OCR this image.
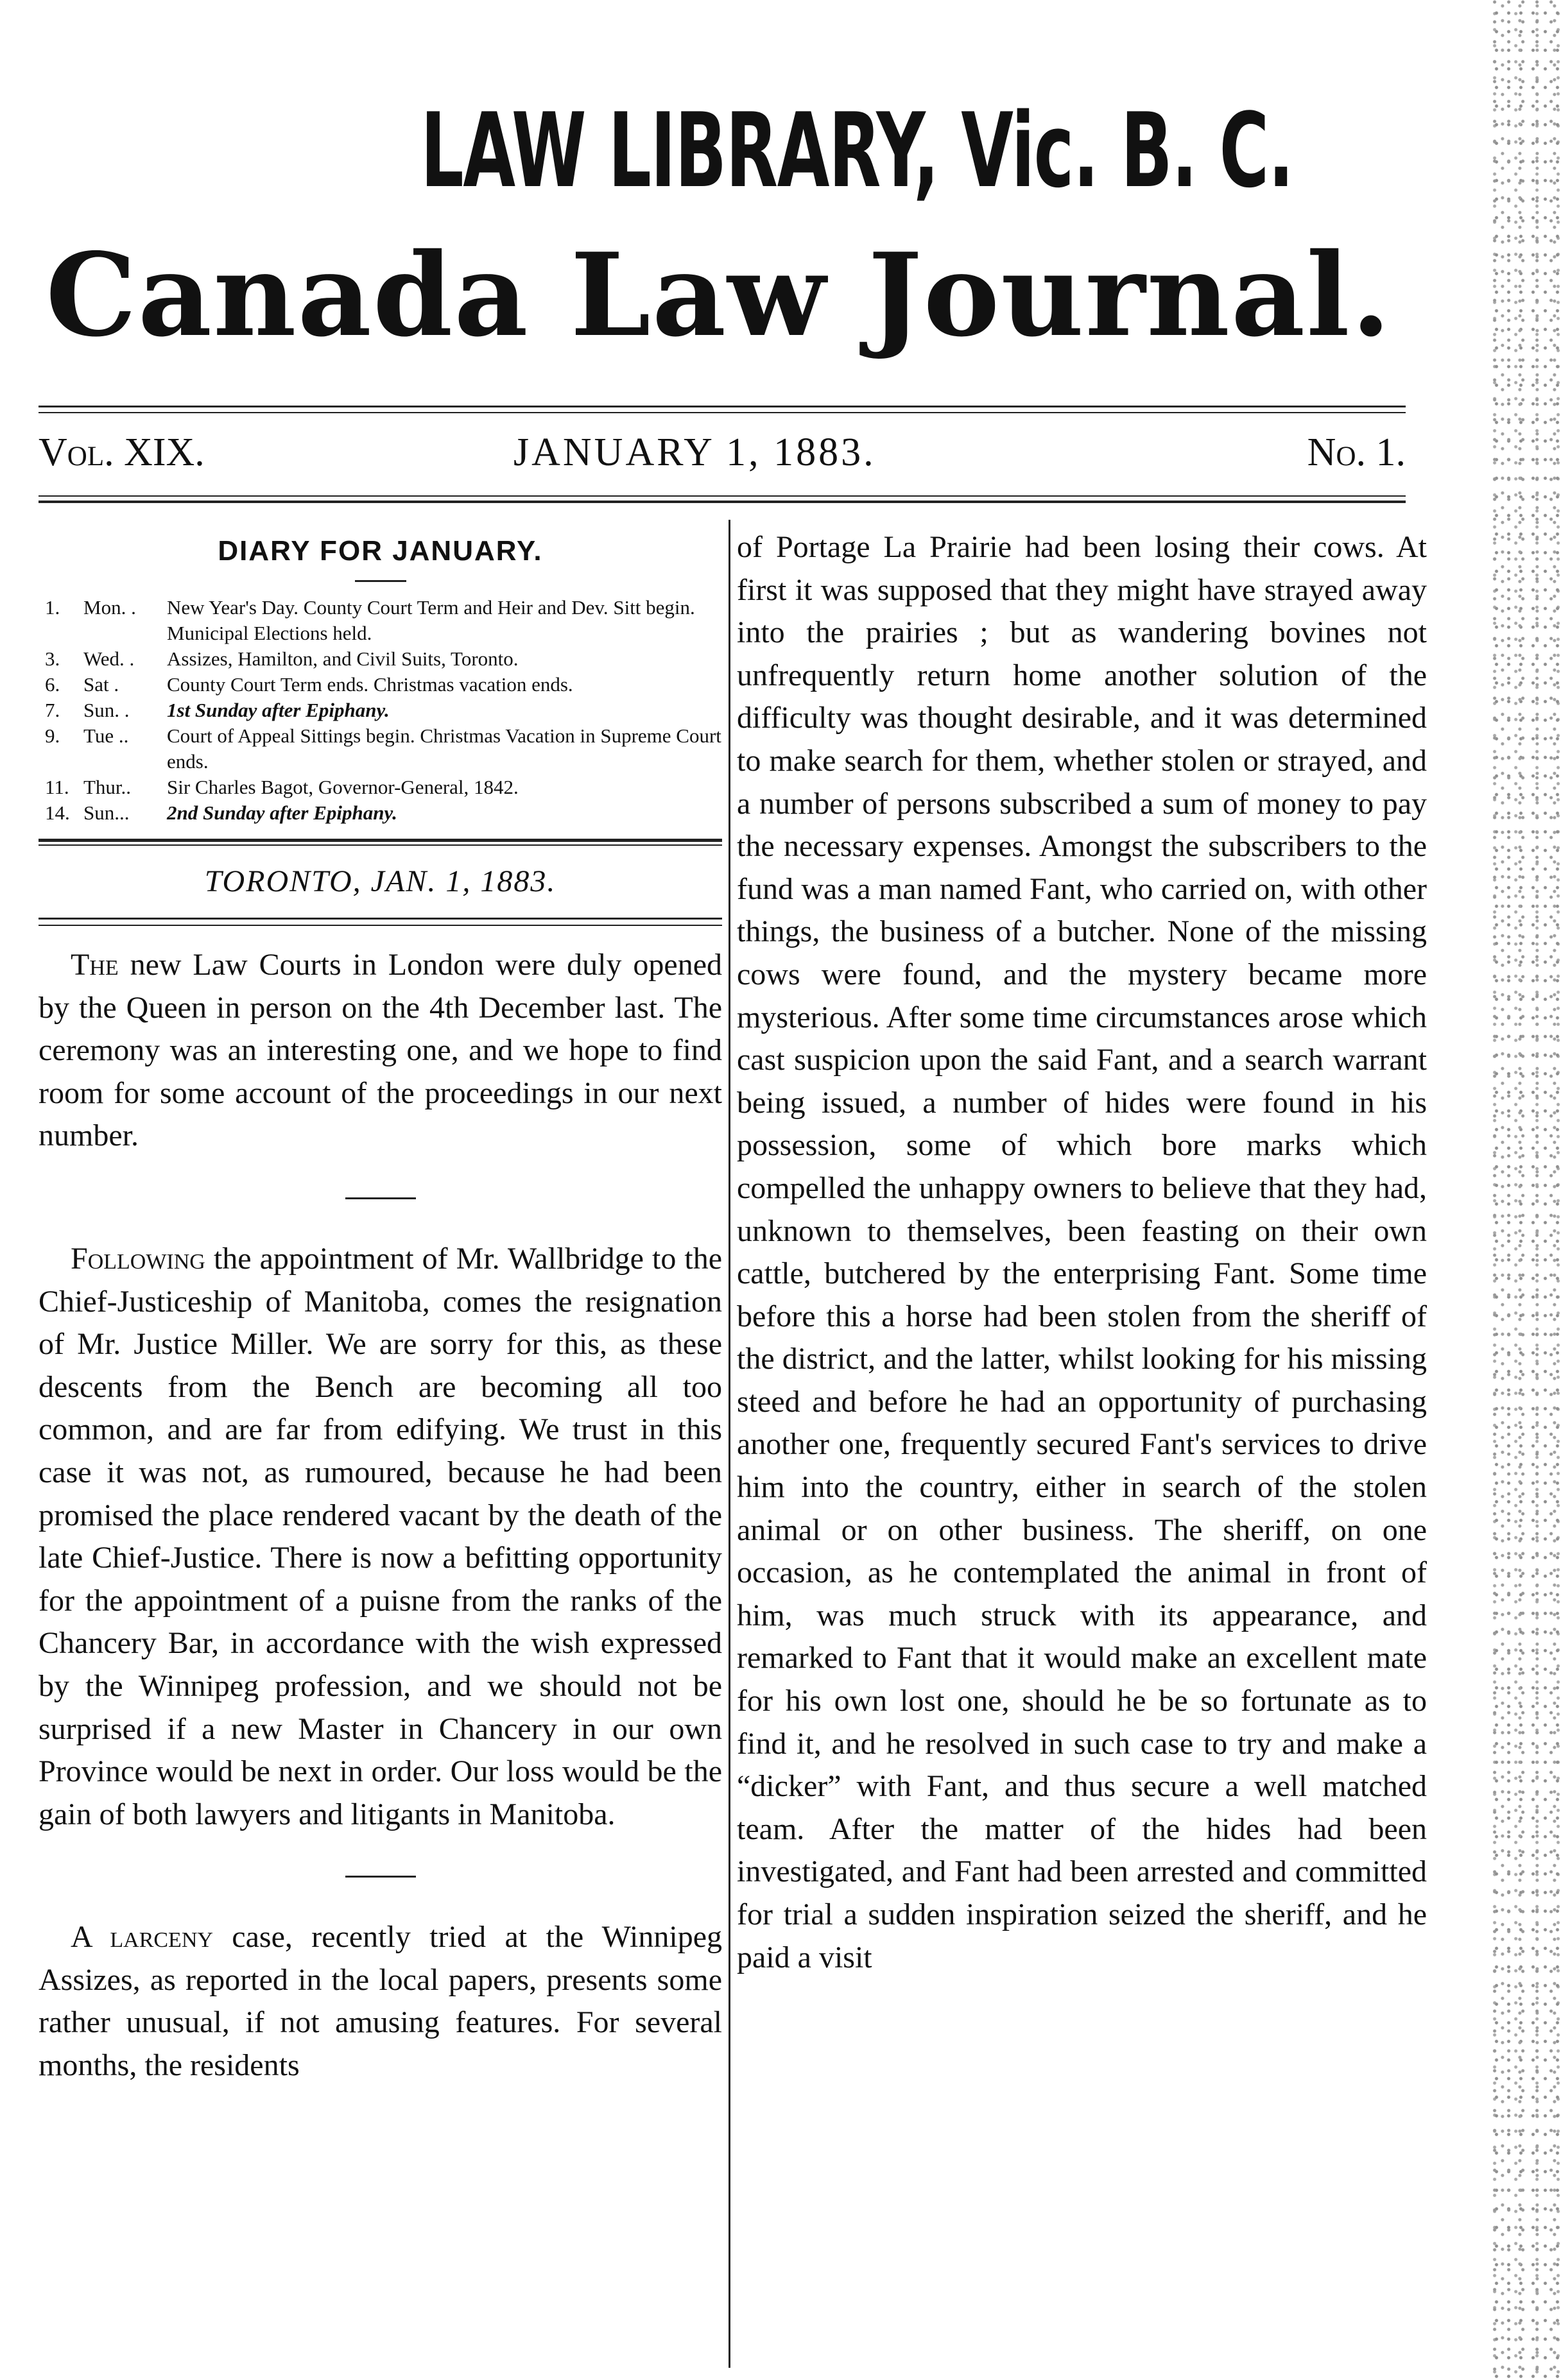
LAW LIBRARY, Vic. B. C.
Canada Law Journal.
Vol. XIX.	JANUARY 1, 1883.	No. 1.
DIARY FOR JANUARY.
1.	Mon. .	New Year's Day. County Court Term and Heir and Dev. Sitt begin. Municipal Elections held.
3.	Wed. .	Assizes, Hamilton, and Civil Suits, Toronto.
6.	Sat .	County Court Term ends. Christmas vacation ends.
7.	Sun. .	1st Sunday after Epiphany.
9.	Tue ..	Court of Appeal Sittings begin. Christmas Vacation in Supreme Court ends.
11. Thur..	Sir Charles Bagot, Governor-General, 1842.
14. Sun...	2nd Sunday after Epiphany.
TORONTO, JAN. 1, 1883.

The new Law Courts in London were duly opened by the Queen in person on the 4th December last. The ceremony was an interesting one, and we hope to find room for some account of the proceedings in our next number.

Following the appointment of Mr. Wallbridge to the Chief-Justiceship of Manitoba, comes the resignation of Mr. Justice Miller. We are sorry for this, as these descents from the Bench are becoming all too common, and are far from edifying. We trust in this case it was not, as rumoured, because he had been promised the place rendered vacant by the death of the late Chief-Justice. There is now a befitting opportunity for the appointment of a puisne from the ranks of the Chancery Bar, in accordance with the wish expressed by the Winnipeg profession, and we should not be surprised if a new Master in Chancery in our own Province would be next in order. Our loss would be the gain of both lawyers and litigants in Manitoba.

A larceny case, recently tried at the Winnipeg Assizes, as reported in the local papers, presents some rather unusual, if not amusing features. For several months, the residents

of Portage La Prairie had been losing their cows. At first it was supposed that they might have strayed away into the prairies ; but as wandering bovines not unfrequently return home another solution of the difficulty was thought desirable, and it was determined to make search for them, whether stolen or strayed, and a number of persons subscribed a sum of money to pay the necessary expenses. Amongst the subscribers to the fund was a man named Fant, who carried on, with other things, the business of a butcher. None of the missing cows were found, and the mystery became more mysterious. After some time circumstances arose which cast suspicion upon the said Fant, and a search warrant being issued, a number of hides were found in his possession, some of which bore marks which compelled the unhappy owners to believe that they had, unknown to themselves, been feasting on their own cattle, butchered by the enterprising Fant. Some time before this a horse had been stolen from the sheriff of the district, and the latter, whilst looking for his missing steed and before he had an opportunity of purchasing another one, frequently secured Fant's services to drive him into the country, either in search of the stolen animal or on other business. The sheriff, on one occasion, as he contemplated the animal in front of him, was much struck with its appearance, and remarked to Fant that it would make an excellent mate for his own lost one, should he be so fortunate as to find it, and he resolved in such case to try and make a “dicker” with Fant, and thus secure a well matched team. After the matter of the hides had been investigated, and Fant had been arrested and committed for trial a sudden inspiration seized the sheriff, and he paid a visit
